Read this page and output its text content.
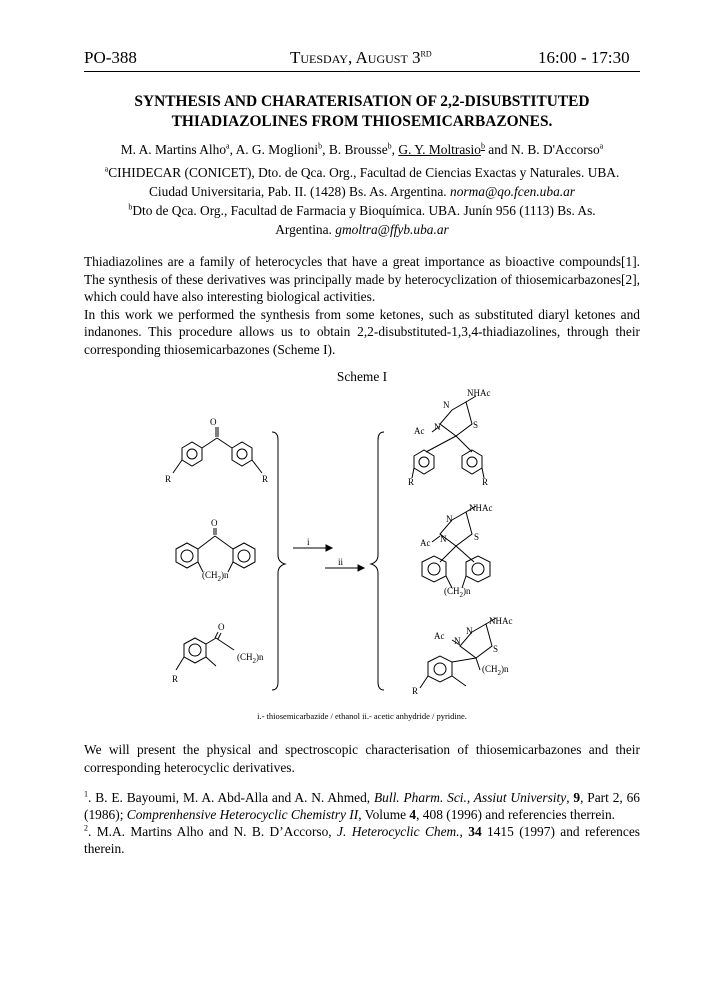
PO-388	Tuesday, August 3RD	16:00 - 17:30
SYNTHESIS AND CHARATERISATION OF 2,2-DISUBSTITUTED
THIADIAZOLINES FROM THIOSEMICARBAZONES.
M. A. Martins Alho$^a$, A. G. Moglioni$^b$, B. Brousse$^b$, G. Y. Moltrasio$^b$ and N. B. D'Accorso$^a$
$^a$CIHIDECAR (CONICET), Dto. de Qca. Org., Facultad de Ciencias Exactas y Naturales. UBA.
Ciudad Universitaria, Pab. II. (1428) Bs. As. Argentina. norma@qo.fcen.uba.ar
$^b$Dto de Qca. Org., Facultad de Farmacia y Bioquímica. UBA. Junín 956 (1113) Bs. As.
Argentina. gmoltra@ffyb.uba.ar

Thiadiazolines are a family of heterocycles that have a great importance as bioactive compounds[1]. The synthesis of these derivatives was principally made by heterocyclization of thiosemicarbazones[2], which could have also interesting biological activities.

In this work we performed the synthesis from some ketones, such as substituted diaryl ketones and indanones. This procedure allows us to obtain 2,2-disubstituted-1,3,4-thiadiazolines, through their corresponding thiosemicarbazones (Scheme I).

Scheme I
O
R	R
O
$(CH_2)n$
O
$(CH_2)n$
R
i
ii
NHAc
N
N	S
Ac
R	R
NHAc
N
N	S
Ac
$(CH_2)n$
NHAc
N
N
S
Ac
$(CH_2)n$
R
i.- thiosemicarbazide / ethanol ii.- acetic anhydride / pyridine.

We will present the physical and spectroscopic characterisation of thiosemicarbazones and their corresponding heterocyclic derivatives.

$^1$. B. E. Bayoumi, M. A. Abd-Alla and A. N. Ahmed, Bull. Pharm. Sci., Assiut University, 9, Part 2, 66 (1986); Comprenhensive Heterocyclic Chemistry II, Volume 4, 408 (1996) and referencies therrein.

$^2$. M.A. Martins Alho and N. B. D’Accorso, J. Heterocyclic Chem., 34 1415 (1997) and references therein.
